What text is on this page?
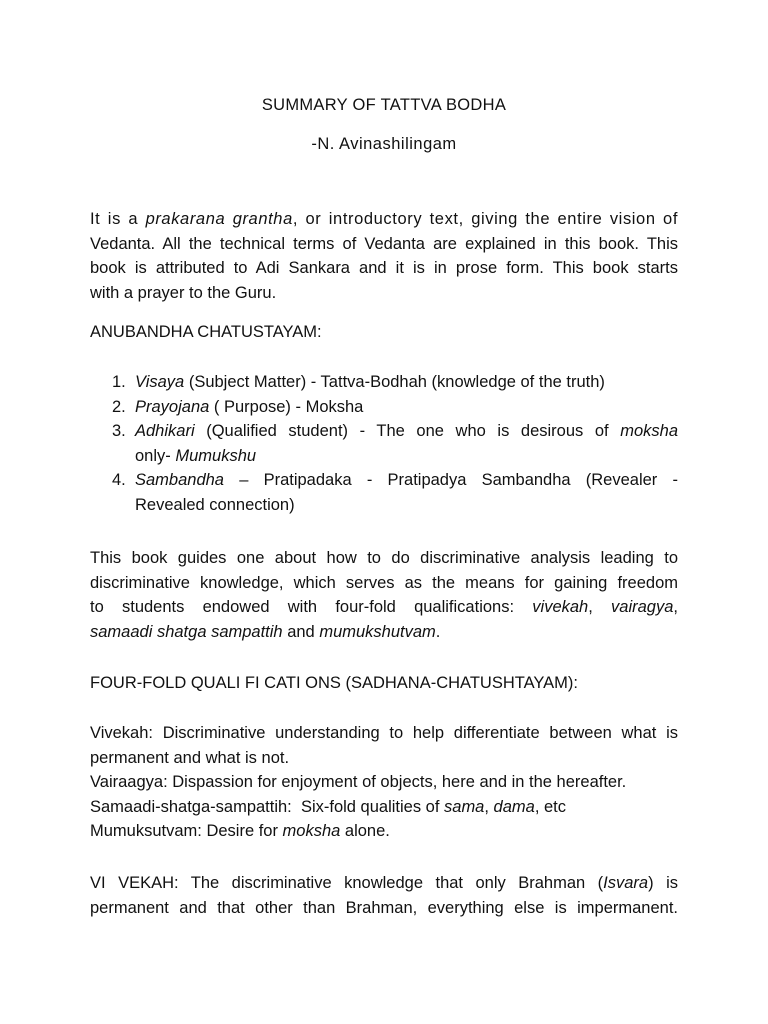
SUMMARY OF TATTVA BODHA
-N. Avinashilingam
It is a prakarana grantha, or introductory text, giving the entire vision of
Vedanta. All the technical terms of Vedanta are explained in this book. This
book is attributed to Adi Sankara and it is in prose form. This book starts
with a prayer to the Guru.
ANUBANDHA CHATUSTAYAM:
1. Visaya (Subject Matter) - Tattva-Bodhah (knowledge of the truth)
2. Prayojana ( Purpose) - Moksha
3. Adhikari (Qualified student) - The one who is desirous of moksha
only- Mumukshu
4. Sambandha – Pratipadaka - Pratipadya Sambandha (Revealer -
Revealed connection)
This book guides one about how to do discriminative analysis leading to
discriminative knowledge, which serves as the means for gaining freedom
to students endowed with four-fold qualifications: vivekah, vairagya,
samaadi shatga sampattih and mumukshutvam.
FOUR-FOLD QUALI FI CATI ONS (SADHANA-CHATUSHTAYAM):
Vivekah: Discriminative understanding to help differentiate between what is
permanent and what is not.
Vairaagya: Dispassion for enjoyment of objects, here and in the hereafter.
Samaadi-shatga-sampattih:  Six-fold qualities of sama, dama, etc
Mumuksutvam: Desire for moksha alone.
VI VEKAH: The discriminative knowledge that only Brahman (Isvara) is
permanent and that other than Brahman, everything else is impermanent.
